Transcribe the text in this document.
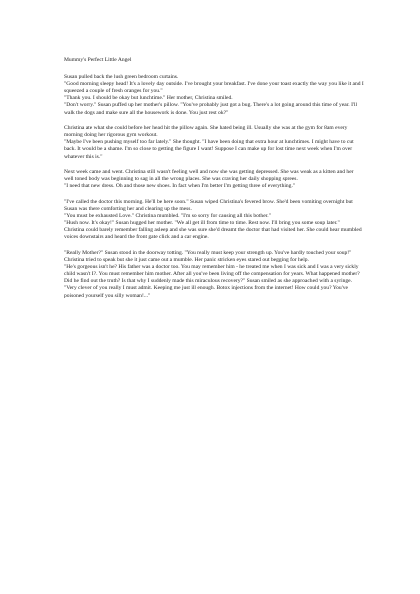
Mummy's Perfect Little Angel

Susan pulled back the lush green bedroom curtains.
"Good morning sleepy head! It's a lovely day outside. I've brought your breakfast. I've done your toast exactly the way you like it and I squeezed a couple of fresh oranges for you."
"Thank you. I should be okay but lunchtime." Her mother, Christina smiled.
"Don't worry." Susan puffed up her mother's pillow. "You've probably just got a bug. There's a lot going around this time of year. I'll walk the dogs and make sure all the housework is done. You just rest ok?"
Christina ate what she could before her head hit the pillow again. She hated being ill. Usually she was at the gym for 8am every morning doing her rigorous gym workout.
"Maybe I've been pushing myself too far lately." She thought. "I have been doing that extra hour at lunchtimes. I might have to cut back. It would be a shame. I'm so close to getting the figure I want! Suppose I can make up for lost time next week when I'm over whatever this is."
Next week came and went. Christina still wasn't feeling well and now she was getting depressed. She was weak as a kitten and her well toned body was beginning to sag in all the wrong places. She was craving her daily shopping sprees.
"I need that new dress. Oh and those new shoes. In fact when I'm better I'm getting three of everything."
"I've called the doctor this morning. He'll be here soon." Susan wiped Christina's fevered brow. She'd been vomiting overnight but Susan was there comforting her and clearing up the mess.
"You must be exhausted Love." Christina mumbled. "I'm so sorry for causing all this bother."
"Hush now. It's okay!" Susan hugged her mother. "We all get ill from time to time. Rest now. I'll bring you some soup later."
Christina could barely remember falling asleep and she was sure she'd dreamt the doctor that had visited her. She could hear mumbled voices downstairs and heard the front gate click and a car engine.
"Really Mother?" Susan stood in the doorway totting. "You really must keep your strength up. You've hardly touched your soup!"
Christina tried to speak but she it just came out a mumble. Her panic stricken eyes stared out begging for help.
"He's gorgeous isn't he? His father was a doctor too. You may remember him - he treated me when I was sick and I was a very sickly child wasn't I?. You must remember him mother. After all you've been living off the compensation for years. What happened mother? Did he find out the truth? Is that why I suddenly made this miraculous recovery?" Susan smiled as she approached with a syringe. "Very clever of you really I must admit. Keeping me just ill enough. Botox injections from the internet! How could you? You've poisoned yourself you silly woman!..."
